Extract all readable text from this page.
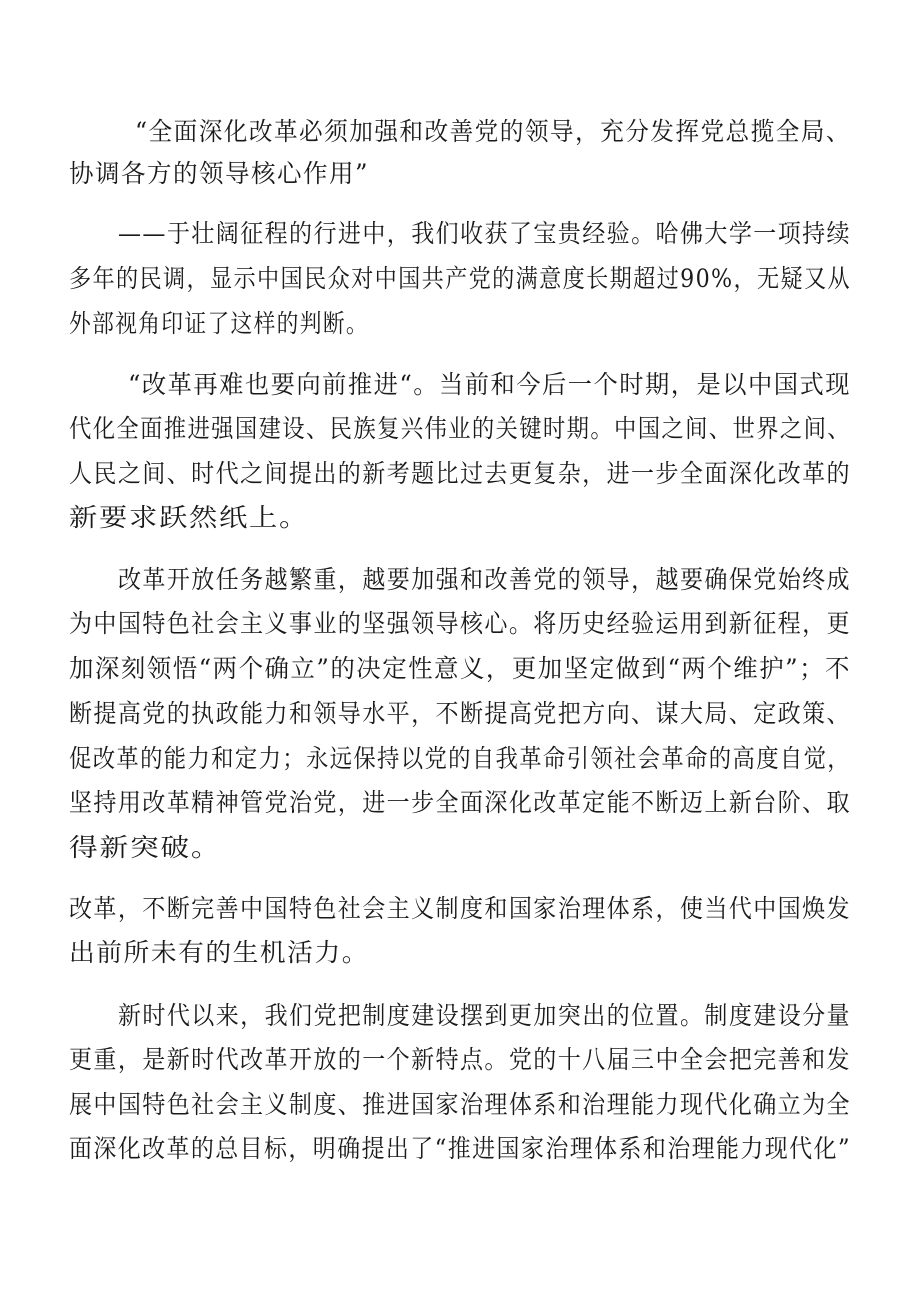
“全面深化改革必须加强和改善党的领导，充分发挥党总揽全局、
协调各方的领导核心作用”
——于壮阔征程的行进中，我们收获了宝贵经验。哈佛大学一项持续
多年的民调，显示中国民众对中国共产党的满意度长期超过90%，无疑又从
外部视角印证了这样的判断。
“改革再难也要向前推进“。当前和今后一个时期，是以中国式现
代化全面推进强国建设、民族复兴伟业的关键时期。中国之间、世界之间、
人民之间、时代之间提出的新考题比过去更复杂，进一步全面深化改革的
新要求跃然纸上。
改革开放任务越繁重，越要加强和改善党的领导，越要确保党始终成
为中国特色社会主义事业的坚强领导核心。将历史经验运用到新征程，更
加深刻领悟“两个确立”的决定性意义，更加坚定做到“两个维护”；不
断提高党的执政能力和领导水平，不断提高党把方向、谋大局、定政策、
促改革的能力和定力；永远保持以党的自我革命引领社会革命的高度自觉，
坚持用改革精神管党治党，进一步全面深化改革定能不断迈上新台阶、取
得新突破。
改革，不断完善中国特色社会主义制度和国家治理体系，使当代中国焕发
出前所未有的生机活力。
新时代以来，我们党把制度建设摆到更加突出的位置。制度建设分量
更重，是新时代改革开放的一个新特点。党的十八届三中全会把完善和发
展中国特色社会主义制度、推进国家治理体系和治理能力现代化确立为全
面深化改革的总目标，明确提出了“推进国家治理体系和治理能力现代化”
